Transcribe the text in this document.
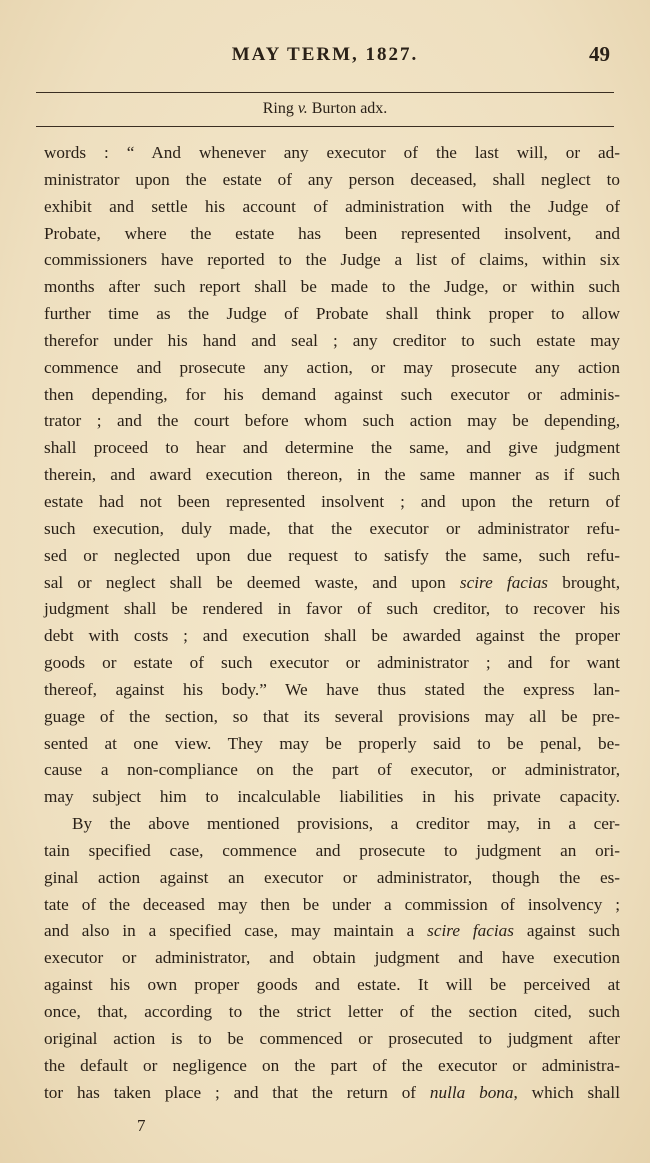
MAY TERM, 1827.	49
Ring v. Burton adx.
words : “ And whenever any executor of the last will, or ad-
ministrator upon the estate of any person deceased, shall neglect to
exhibit and settle his account of administration with the Judge of
Probate, where the estate has been represented insolvent, and
commissioners have reported to the Judge a list of claims, within six
months after such report shall be made to the Judge, or within such
further time as the Judge of Probate shall think proper to allow
therefor under his hand and seal ; any creditor to such estate may
commence and prosecute any action, or may prosecute any action
then depending, for his demand against such executor or adminis-
trator ; and the court before whom such action may be depending,
shall proceed to hear and determine the same, and give judgment
therein, and award execution thereon, in the same manner as if such
estate had not been represented insolvent ; and upon the return of
such execution, duly made, that the executor or administrator refu-
sed or neglected upon due request to satisfy the same, such refu-
sal or neglect shall be deemed waste, and upon scire facias brought,
judgment shall be rendered in favor of such creditor, to recover his
debt with costs ; and execution shall be awarded against the proper
goods or estate of such executor or administrator ; and for want
thereof, against his body.” We have thus stated the express lan-
guage of the section, so that its several provisions may all be pre-
sented at one view. They may be properly said to be penal, be-
cause a non-compliance on the part of executor, or administrator,
may subject him to incalculable liabilities in his private capacity.
By the above mentioned provisions, a creditor may, in a cer-
tain specified case, commence and prosecute to judgment an ori-
ginal action against an executor or administrator, though the es-
tate of the deceased may then be under a commission of insolvency ;
and also in a specified case, may maintain a scire facias against such
executor or administrator, and obtain judgment and have execution
against his own proper goods and estate. It will be perceived at
once, that, according to the strict letter of the section cited, such
original action is to be commenced or prosecuted to judgment after
the default or negligence on the part of the executor or administra-
tor has taken place ; and that the return of nulla bona, which shall
7
